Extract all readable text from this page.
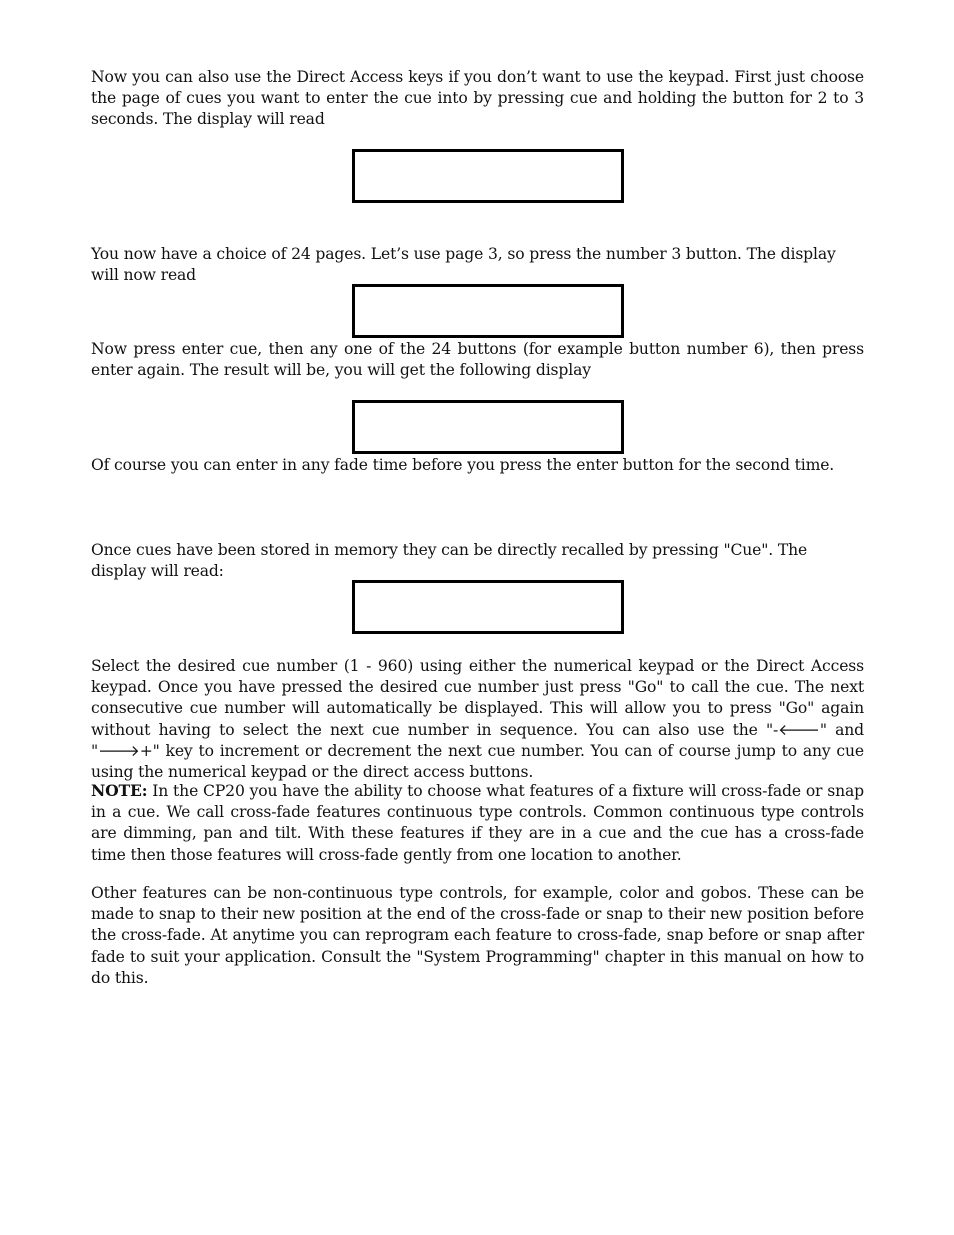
Now you can also use the Direct Access keys if you don’t want to use the keypad. First just choose the page of cues you want to enter the cue into by pressing cue and holding the button for 2 to 3 seconds. The display will read

You now have a choice of 24 pages. Let’s use page 3, so press the number 3 button. The display will now read

Now press enter cue, then any one of the 24 buttons (for example button number 6), then press enter again. The result will be, you will get the following display

Of course you can enter in any fade time before you press the enter button for the second time.

Once cues have been stored in memory they can be directly recalled by pressing "Cue". The display will read:

Select the desired cue number (1 - 960) using either the numerical keypad or the Direct Access keypad. Once you have pressed the desired cue number just press "Go" to call the cue. The next consecutive cue number will automatically be displayed. This will allow you to press "Go" again without having to select the next cue number in sequence. You can also use the "-🡐" and "🡒+" key to increment or decrement the next cue number. You can of course jump to any cue using the numerical keypad or the direct access buttons.

NOTE: In the CP20 you have the ability to choose what features of a fixture will cross-fade or snap in a cue. We call cross-fade features continuous type controls. Common continuous type controls are dimming, pan and tilt. With these features if they are in a cue and the cue has a cross-fade time then those features will cross-fade gently from one location to another.

Other features can be non-continuous type controls, for example, color and gobos. These can be made to snap to their new position at the end of the cross-fade or snap to their new position before the cross-fade. At anytime you can reprogram each feature to cross-fade, snap before or snap after fade to suit your application. Consult the "System Programming" chapter in this manual on how to do this.
